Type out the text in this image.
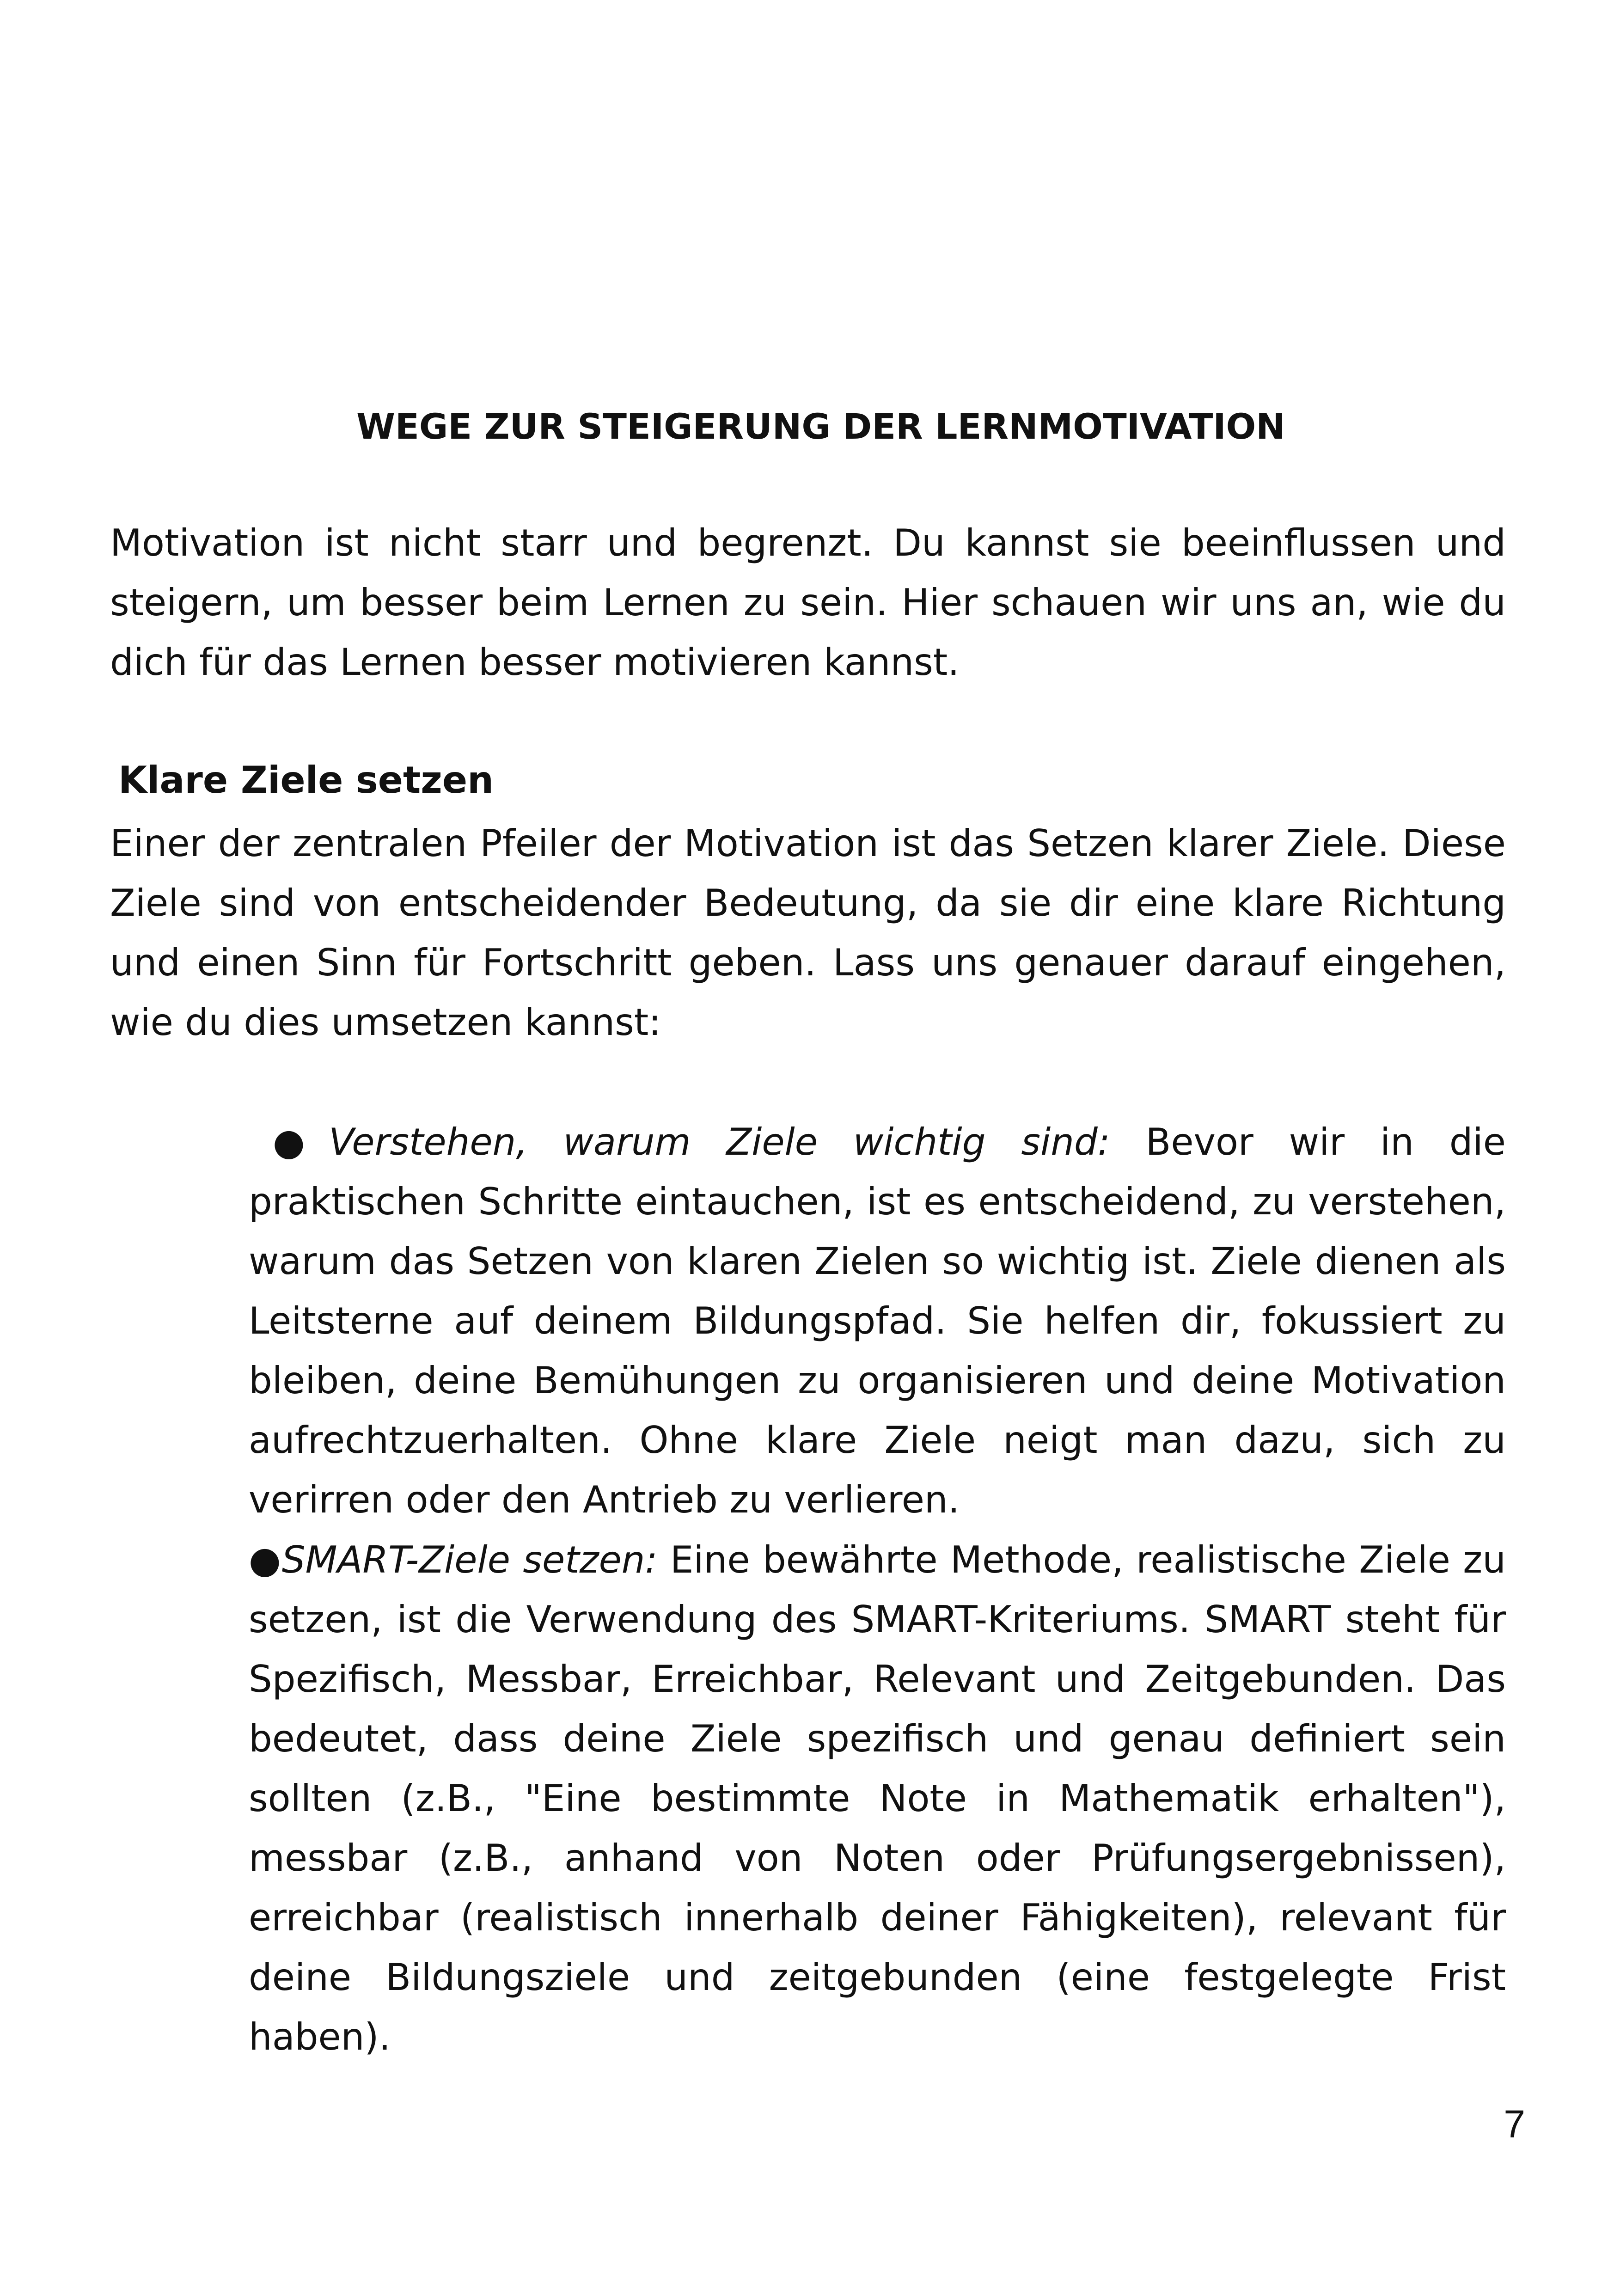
WEGE ZUR STEIGERUNG DER LERNMOTIVATION

Motivation ist nicht starr und begrenzt. Du kannst sie beeinflussen und steigern, um besser beim Lernen zu sein. Hier schauen wir uns an, wie du dich für das Lernen besser motivieren kannst.

Klare Ziele setzen

Einer der zentralen Pfeiler der Motivation ist das Setzen klarer Ziele. Diese Ziele sind von entscheidender Bedeutung, da sie dir eine klare Richtung und einen Sinn für Fortschritt geben. Lass uns genauer darauf eingehen, wie du dies umsetzen kannst:

●Verstehen, warum Ziele wichtig sind: Bevor wir in die praktischen Schritte eintauchen, ist es entscheidend, zu verstehen, warum das Setzen von klaren Zielen so wichtig ist. Ziele dienen als Leitsterne auf deinem Bildungspfad. Sie helfen dir, fokussiert zu bleiben, deine Bemühungen zu organisieren und deine Motivation aufrechtzuerhalten. Ohne klare Ziele neigt man dazu, sich zu verirren oder den Antrieb zu verlieren.

●SMART-Ziele setzen: Eine bewährte Methode, realistische Ziele zu setzen, ist die Verwendung des SMART-Kriteriums. SMART steht für Spezifisch, Messbar, Erreichbar, Relevant und Zeitgebunden. Das bedeutet, dass deine Ziele spezifisch und genau definiert sein sollten (z.B., "Eine bestimmte Note in Mathematik erhalten"), messbar (z.B., anhand von Noten oder Prüfungsergebnissen), erreichbar (realistisch innerhalb deiner Fähigkeiten), relevant für deine Bildungsziele und zeitgebunden (eine festgelegte Frist haben).

7
